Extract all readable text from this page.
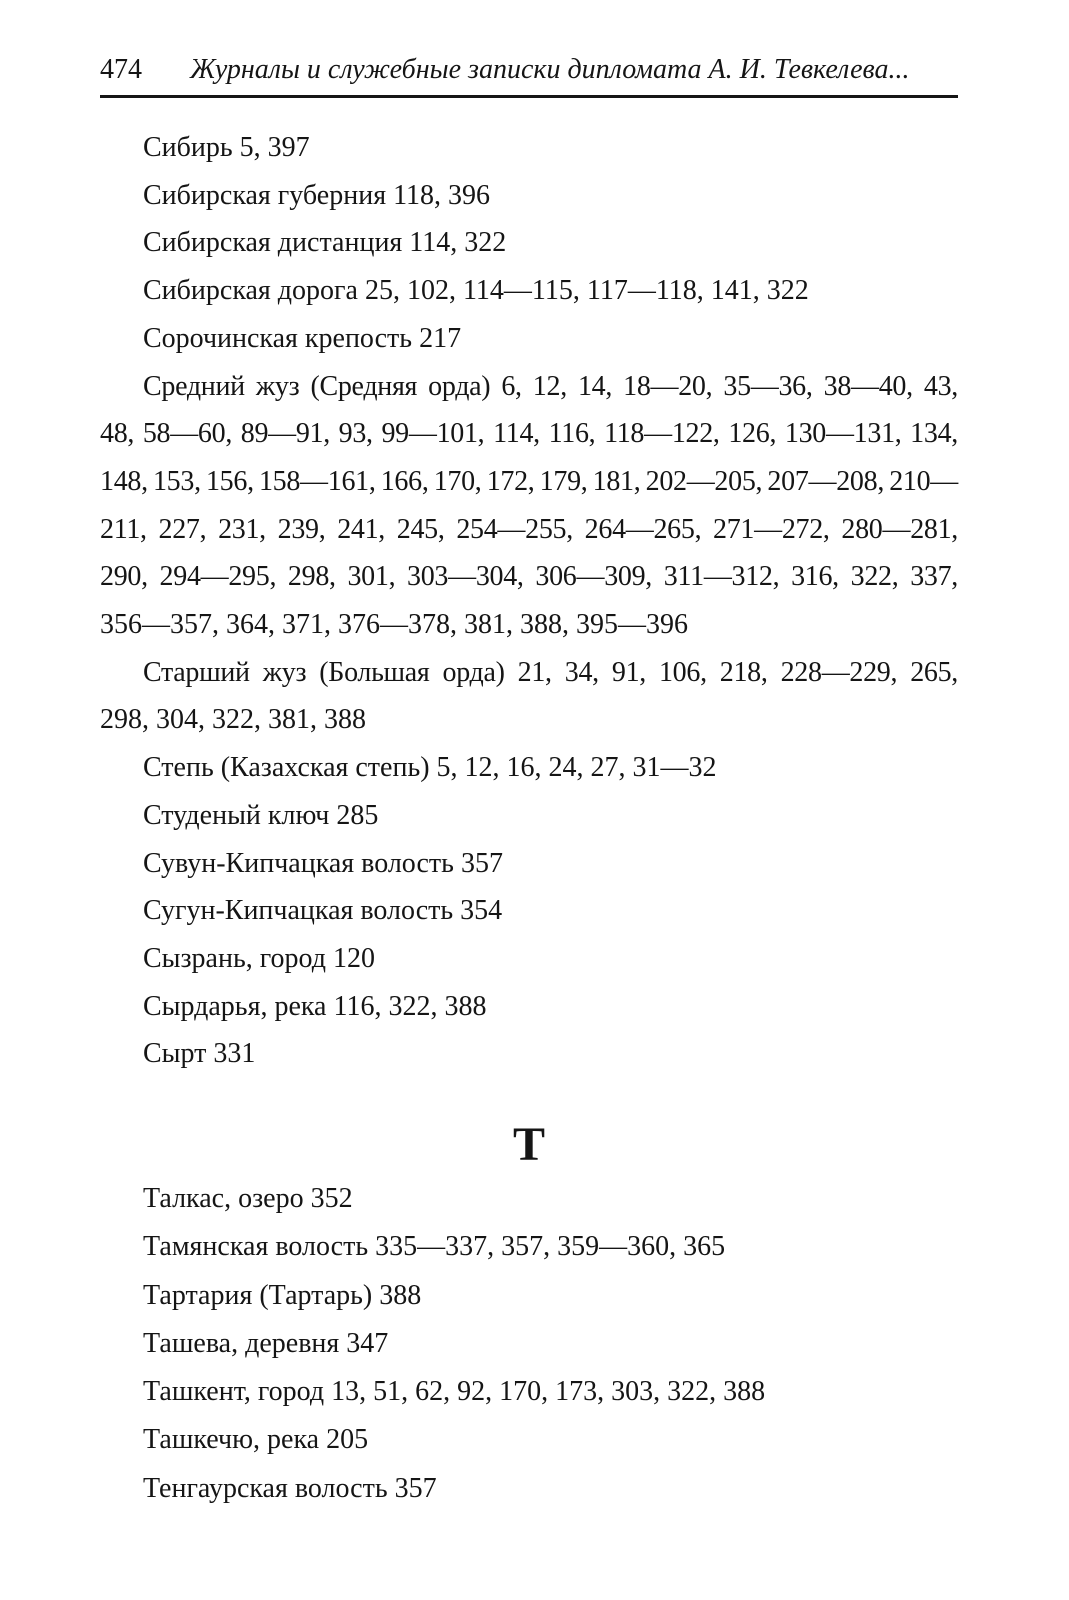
474 Журналы и служебные записки дипломата А. И. Тевкелева...
Сибирь 5, 397
Сибирская губерния 118, 396
Сибирская дистанция 114, 322
Сибирская дорога 25, 102, 114—115, 117—118, 141, 322
Сорочинская крепость 217
Средний жуз (Средняя орда) 6, 12, 14, 18—20, 35—36, 38—40, 43,
48, 58—60, 89—91, 93, 99—101, 114, 116, 118—122, 126, 130—131, 134,
148, 153, 156, 158—161, 166, 170, 172, 179, 181, 202—205, 207—208, 210—
211, 227, 231, 239, 241, 245, 254—255, 264—265, 271—272, 280—281,
290, 294—295, 298, 301, 303—304, 306—309, 311—312, 316, 322, 337,
356—357, 364, 371, 376—378, 381, 388, 395—396
Старший жуз (Большая орда) 21, 34, 91, 106, 218, 228—229, 265,
298, 304, 322, 381, 388
Степь (Казахская степь) 5, 12, 16, 24, 27, 31—32
Студеный ключ 285
Сувун-Кипчацкая волость 357
Сугун-Кипчацкая волость 354
Сызрань, город 120
Сырдарья, река 116, 322, 388
Сырт 331
Т
Талкас, озеро 352
Тамянская волость 335—337, 357, 359—360, 365
Тартария (Тартарь) 388
Ташева, деревня 347
Ташкент, город 13, 51, 62, 92, 170, 173, 303, 322, 388
Ташкечю, река 205
Тенгаурская волость 357
